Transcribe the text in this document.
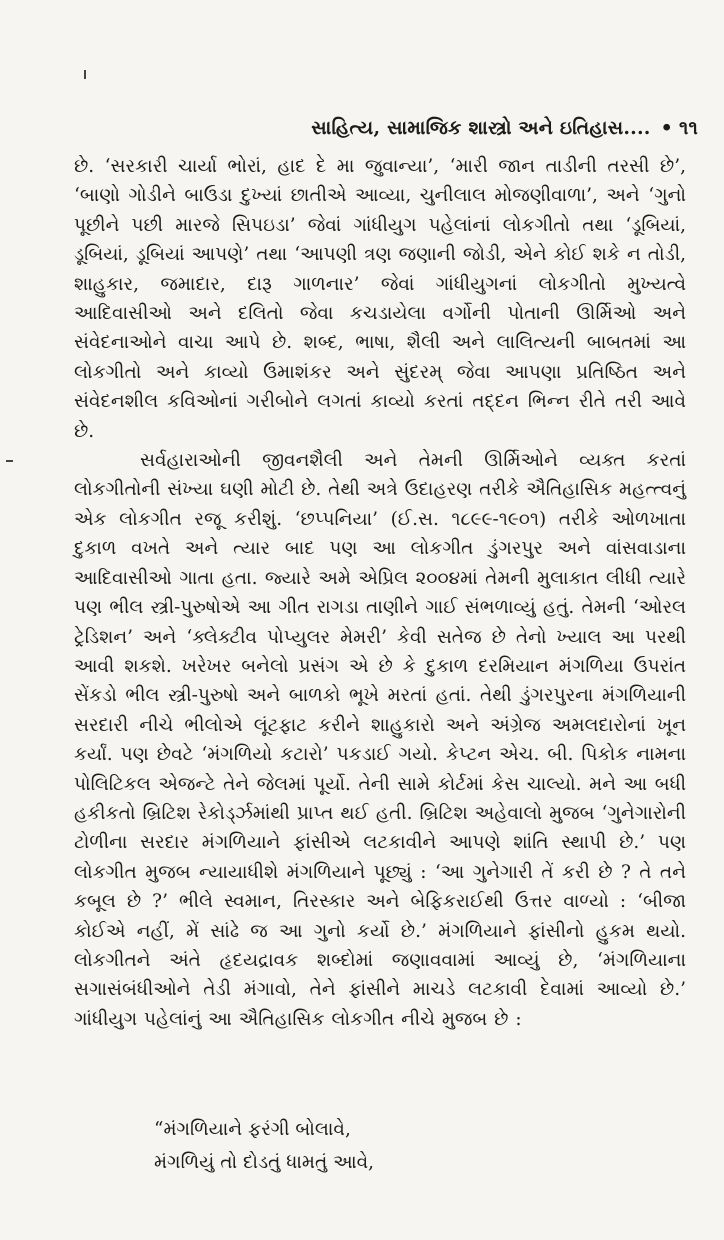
સાહિત્ય, સામાજિક શાસ્ત્રો અને ઇતિહાસ.... • ૧૧

છે. ‘સરકારી ચાર્યા ભોરાં, હાદ દે મા જુવાન્યા’, ‘મારી જાન તાડીની તરસી છે’, ‘બાણો ગોડીને બાઉડા દુખ્યાં છાતીએ આવ્યા, ચુનીલાલ મોજણીવાળા’, અને ‘ગુનો પૂછીને પછી મારજે સિપઇડા’ જેવાં ગાંધીયુગ પહેલાંનાં લોકગીતો તથા ‘ડૂબિયાં, ડૂબિયાં, ડૂબિયાં આપણે’ તથા ‘આપણી ત્રણ જણાની જોડી, એને કોઈ શકે ન તોડી, શાહુકાર, જમાદાર, દારૂ ગાળનાર’ જેવાં ગાંધીયુગનાં લોકગીતો મુખ્યત્વે આદિવાસીઓ અને દલિતો જેવા કચડાયેલા વર્ગોની પોતાની ઊર્મિઓ અને સંવેદનાઓને વાચા આપે છે. શબ્દ, ભાષા, શૈલી અને લાલિત્યની બાબતમાં આ લોકગીતો અને કાવ્યો ઉમાશંકર અને સુંદરમ્ જેવા આપણા પ્રતિષ્ઠિત અને સંવેદનશીલ કવિઓનાં ગરીબોને લગતાં કાવ્યો કરતાં તદ્દન ભિન્ન રીતે તરી આવે છે.

સર્વહારાઓની જીવનશૈલી અને તેમની ઊર્મિઓને વ્યક્ત કરતાં લોકગીતોની સંખ્યા ઘણી મોટી છે. તેથી અત્રે ઉદાહરણ તરીકે ઐતિહાસિક મહત્ત્વનું એક લોકગીત રજૂ કરીશું. ‘છપ્પનિયા’ (ઈ.સ. ૧૮૯૯-૧૯૦૧) તરીકે ઓળખાતા દુકાળ વખતે અને ત્યાર બાદ પણ આ લોકગીત ડુંગરપુર અને વાંસવાડાના આદિવાસીઓ ગાતા હતા. જ્યારે અમે એપ્રિલ ૨૦૦૪માં તેમની મુલાકાત લીધી ત્યારે પણ ભીલ સ્ત્રી-પુરુષોએ આ ગીત રાગડા તાણીને ગાઈ સંભળાવ્યું હતું. તેમની ‘ઓરલ ટ્રેડિશન’ અને ‘ક્લેક્ટીવ પોપ્યુલર મેમરી’ કેવી સતેજ છે તેનો ખ્યાલ આ પરથી આવી શકશે. ખરેખર બનેલો પ્રસંગ એ છે કે દુકાળ દરમિયાન મંગળિયા ઉપરાંત સેંકડો ભીલ સ્ત્રી-પુરુષો અને બાળકો ભૂખે મરતાં હતાં. તેથી ડુંગરપુરના મંગળિયાની સરદારી નીચે ભીલોએ લૂંટફાટ કરીને શાહુકારો અને અંગ્રેજ અમલદારોનાં ખૂન કર્યાં. પણ છેવટે ‘મંગળિયો કટારો’ પકડાઈ ગયો. કેપ્ટન એચ. બી. પિકોક નામના પોલિટિકલ એજન્ટે તેને જેલમાં પૂર્યો. તેની સામે કોર્ટમાં કેસ ચાલ્યો. મને આ બધી હકીકતો બ્રિટિશ રેકોર્ડ્ઝમાંથી પ્રાપ્ત થઈ હતી. બ્રિટિશ અહેવાલો મુજબ ‘ગુનેગારોની ટોળીના સરદાર મંગળિયાને ફાંસીએ લટકાવીને આપણે શાંતિ સ્થાપી છે.’ પણ લોકગીત મુજબ ન્યાયાધીશે મંગળિયાને પૂછ્યું : ‘આ ગુનેગારી તેં કરી છે ? તે તને કબૂલ છે ?’ ભીલે સ્વમાન, તિરસ્કાર અને બેફિકરાઈથી ઉત્તર વાળ્યો : ‘બીજા કોઈએ નહીં, મેં સાંઢે જ આ ગુનો કર્યો છે.’ મંગળિયાને ફાંસીનો હુકમ થયો. લોકગીતને અંતે હૃદયદ્રાવક શબ્દોમાં જણાવવામાં આવ્યું છે, ‘મંગળિયાના સગાસંબંધીઓને તેડી મંગાવો, તેને ફાંસીને માચડે લટકાવી દેવામાં આવ્યો છે.’ ગાંધીયુગ પહેલાંનું આ ઐતિહાસિક લોકગીત નીચે મુજબ છે :

“મંગળિયાને ફરંગી બોલાવે,
મંગળિયું તો દોડતું ધામતું આવે,
